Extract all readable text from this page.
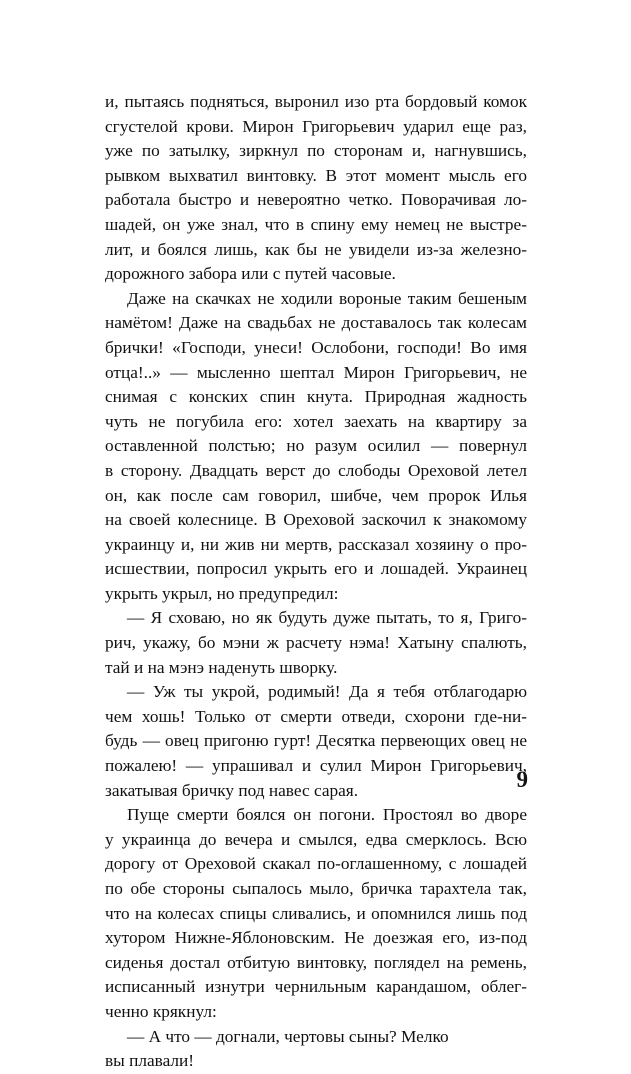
и, пытаясь подняться, выронил изо рта бордовый комок
сгустелой крови. Мирон Григорьевич ударил еще раз,
уже по затылку, зиркнул по сторонам и, нагнувшись,
рывком выхватил винтовку. В этот момент мысль его
работала быстро и невероятно четко. Поворачивая ло-
шадей, он уже знал, что в спину ему немец не выстре-
лит, и боялся лишь, как бы не увидели из-за железно-
дорожного забора или с путей часовые.
Даже на скачках не ходили вороные таким бешеным
намётом! Даже на свадьбах не доставалось так колесам
брички! «Господи, унеси! Ослобони, господи! Во имя
отца!..» — мысленно шептал Мирон Григорьевич, не
снимая с конских спин кнута. Природная жадность
чуть не погубила его: хотел заехать на квартиру за
оставленной полстью; но разум осилил — повернул
в сторону. Двадцать верст до слободы Ореховой летел
он, как после сам говорил, шибче, чем пророк Илья
на своей колеснице. В Ореховой заскочил к знакомому
украинцу и, ни жив ни мертв, рассказал хозяину о про-
исшествии, попросил укрыть его и лошадей. Украинец
укрыть укрыл, но предупредил:
— Я сховаю, но як будуть дуже пытать, то я, Григо-
рич, укажу, бо мэни ж расчету нэма! Хатыну спалють,
тай и на мэнэ наденуть шворку.
— Уж ты укрой, родимый! Да я тебя отблагодарю
чем хошь! Только от смерти отведи, схорони где-ни-
будь — овец пригоню гурт! Десятка первеющих овец не
пожалею! — упрашивал и сулил Мирон Григорьевич,
закатывая бричку под навес сарая.
Пуще смерти боялся он погони. Простоял во дворе
у украинца до вечера и смылся, едва смерклось. Всю
дорогу от Ореховой скакал по-оглашенному, с лошадей
по обе стороны сыпалось мыло, бричка тарахтела так,
что на колесах спицы сливались, и опомнился лишь под
хутором Нижне-Яблоновским. Не доезжая его, из-под
сиденья достал отбитую винтовку, поглядел на ремень,
исписанный изнутри чернильным карандашом, облег-
ченно крякнул:
— А что — догнали, чертовы сыны? Мелко
вы плавали!
9
